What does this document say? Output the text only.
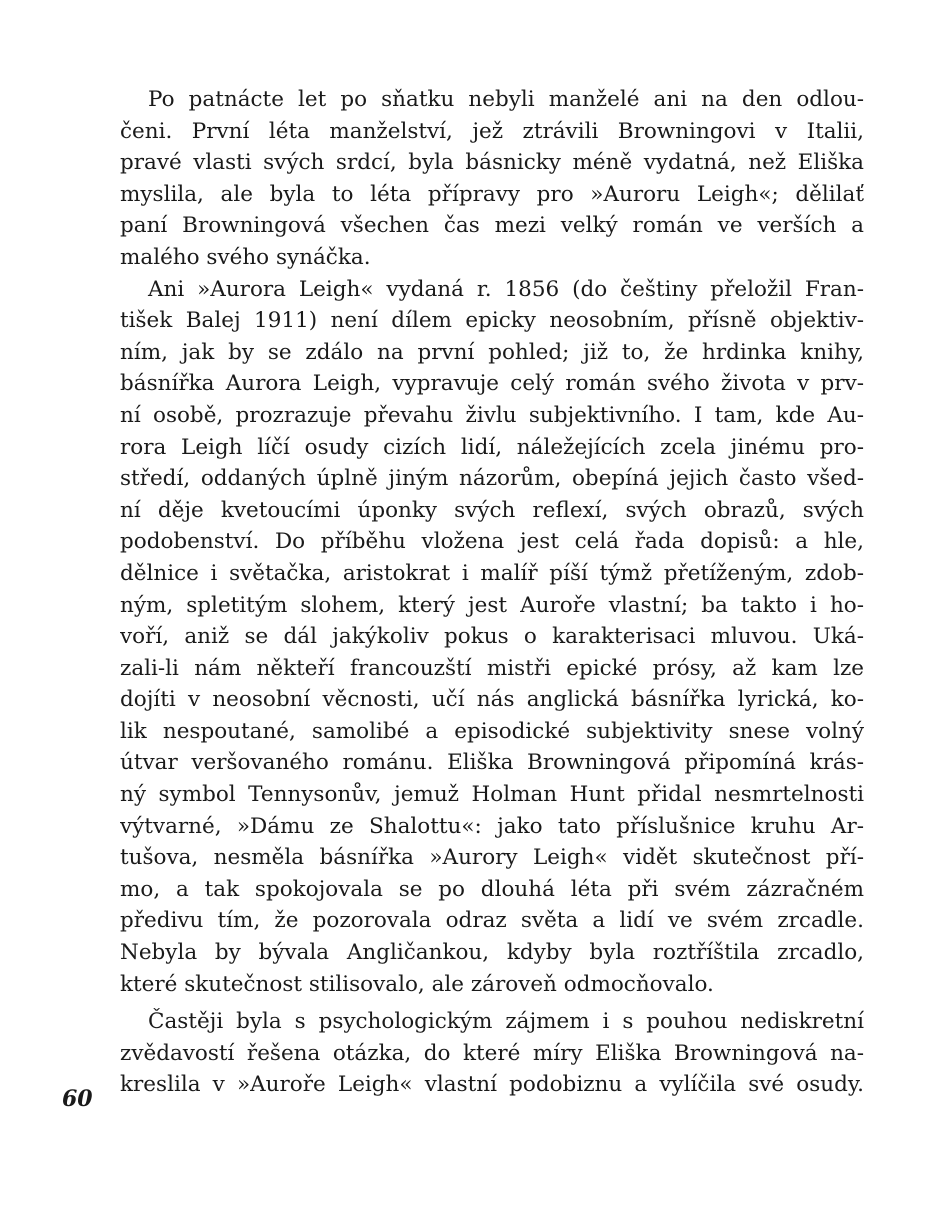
Po patnácte let po sňatku nebyli manželé ani na den odlou-
čeni. První léta manželství, jež ztrávili Browningovi v Italii,
pravé vlasti svých srdcí, byla básnicky méně vydatná, než Eliška
myslila, ale byla to léta přípravy pro »Auroru Leigh«; dělilať
paní Browningová všechen čas mezi velký román ve verších a
malého svého synáčka.
Ani »Aurora Leigh« vydaná r. 1856 (do češtiny přeložil Fran-
tišek Balej 1911) není dílem epicky neosobním, přísně objektiv-
ním, jak by se zdálo na první pohled; již to, že hrdinka knihy,
básnířka Aurora Leigh, vypravuje celý román svého života v prv-
ní osobě, prozrazuje převahu živlu subjektivního. I tam, kde Au-
rora Leigh líčí osudy cizích lidí, náležejících zcela jinému pro-
středí, oddaných úplně jiným názorům, obepíná jejich často všed-
ní děje kvetoucími úponky svých reflexí, svých obrazů, svých
podobenství. Do příběhu vložena jest celá řada dopisů: a hle,
dělnice i světačka, aristokrat i malíř píší týmž přetíženým, zdob-
ným, spletitým slohem, který jest Auroře vlastní; ba takto i ho-
voří, aniž se dál jakýkoliv pokus o karakterisaci mluvou. Uká-
zali-li nám někteří francouzští mistři epické prósy, až kam lze
dojíti v neosobní věcnosti, učí nás anglická básnířka lyrická, ko-
lik nespoutané, samolibé a episodické subjektivity snese volný
útvar veršovaného románu. Eliška Browningová připomíná krás-
ný symbol Tennysonův, jemuž Holman Hunt přidal nesmrtelnosti
výtvarné, »Dámu ze Shalottu«: jako tato příslušnice kruhu Ar-
tušova, nesměla básnířka »Aurory Leigh« vidět skutečnost pří-
mo, a tak spokojovala se po dlouhá léta při svém zázračném
předivu tím, že pozorovala odraz světa a lidí ve svém zrcadle.
Nebyla by bývala Angličankou, kdyby byla roztříštila zrcadlo,
které skutečnost stilisovalo, ale zároveň odmocňovalo.
Častěji byla s psychologickým zájmem i s pouhou nediskretní
zvědavostí řešena otázka, do které míry Eliška Browningová na-
kreslila v »Auroře Leigh« vlastní podobiznu a vylíčila své osudy.
60
